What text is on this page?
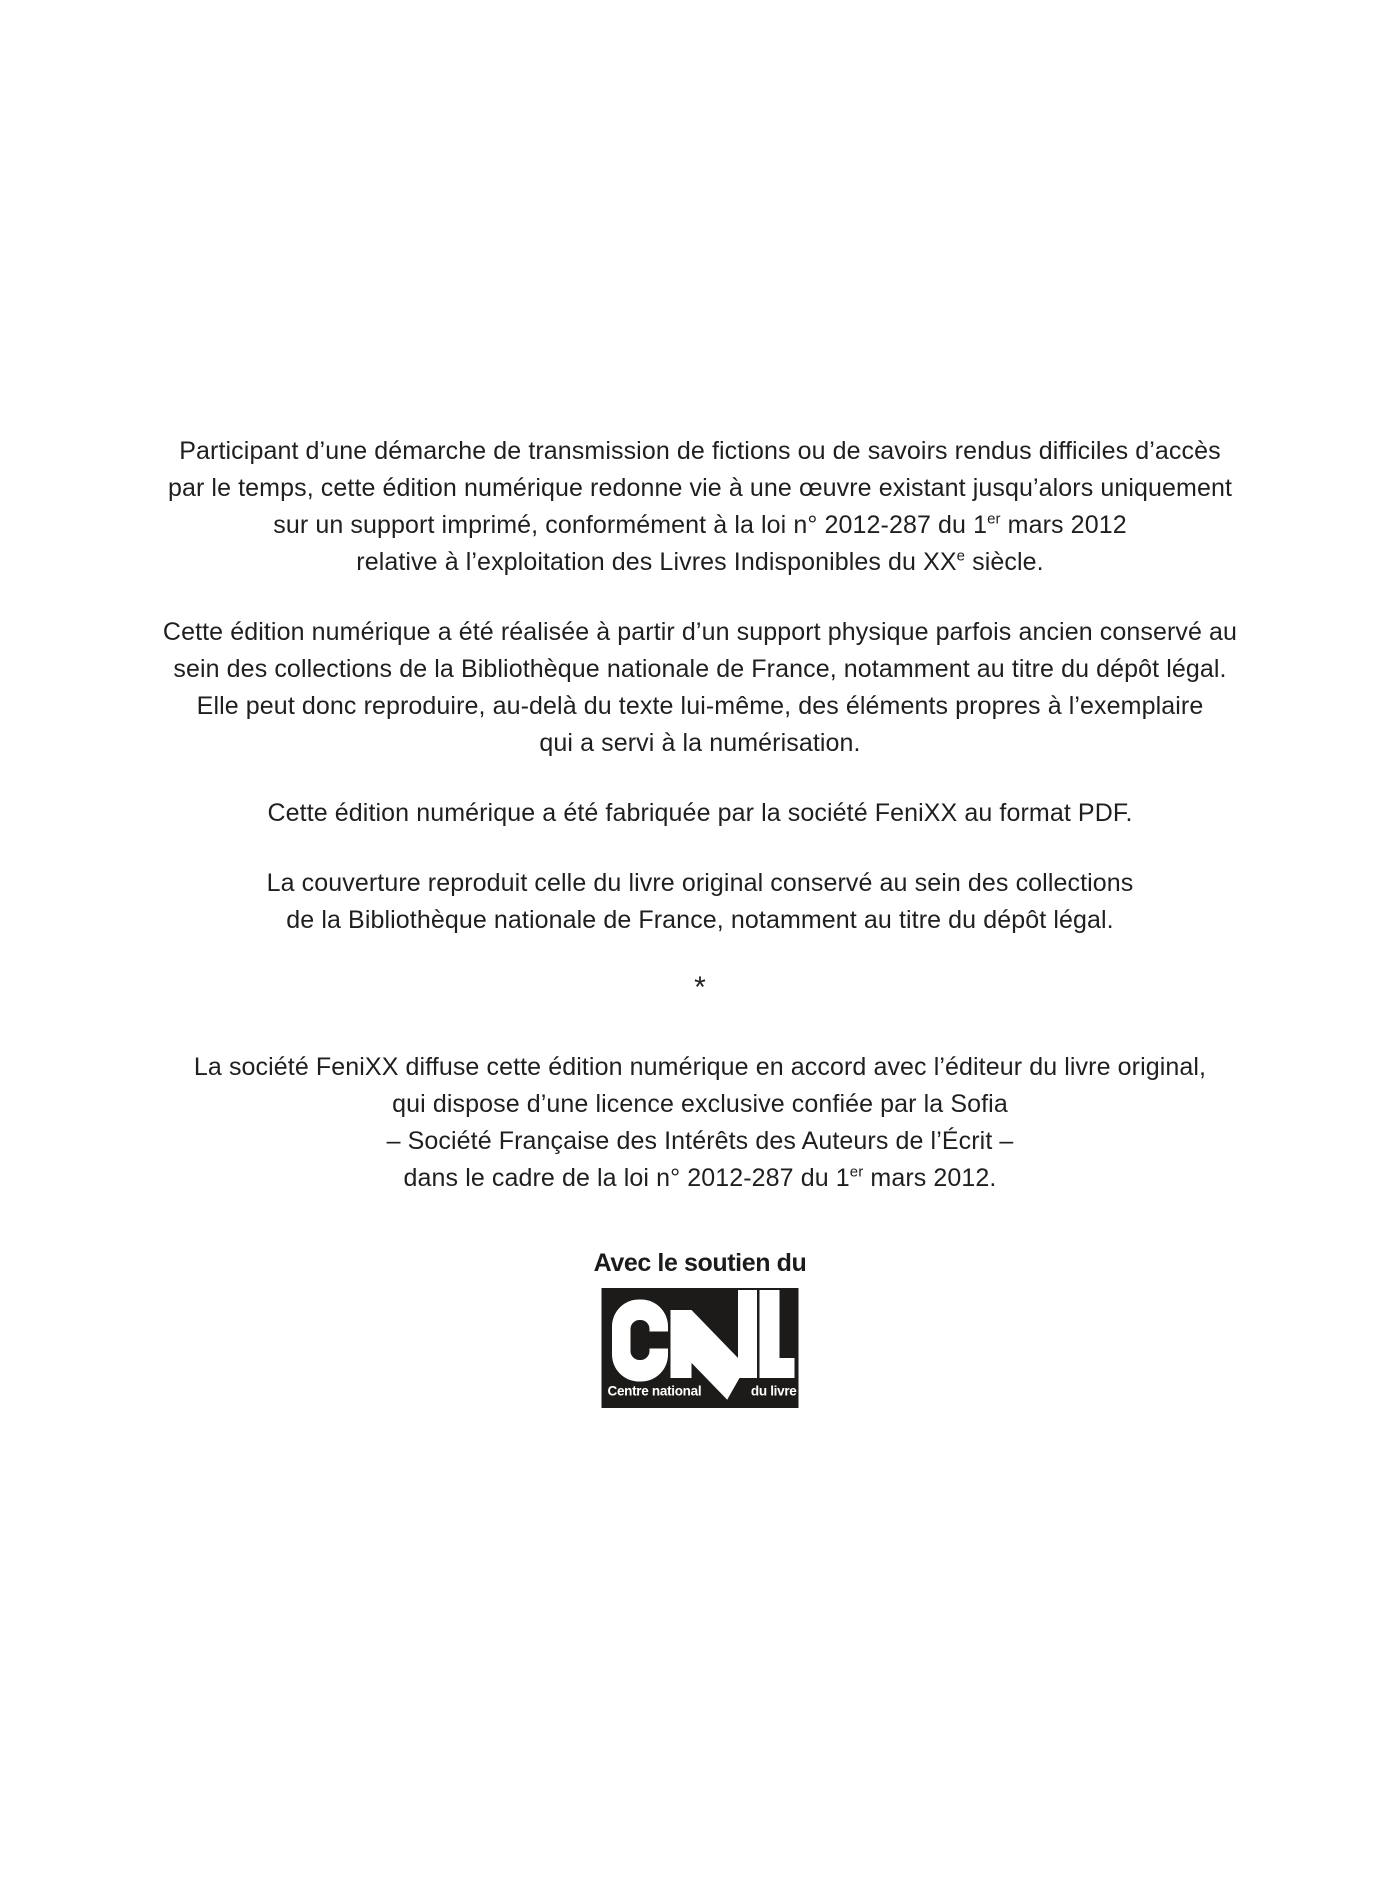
Participant d’une démarche de transmission de fictions ou de savoirs rendus difficiles d’accès
par le temps, cette édition numérique redonne vie à une œuvre existant jusqu’alors uniquement
sur un support imprimé, conformément à la loi n° 2012-287 du 1er mars 2012
relative à l’exploitation des Livres Indisponibles du XXe siècle.
Cette édition numérique a été réalisée à partir d’un support physique parfois ancien conservé au
sein des collections de la Bibliothèque nationale de France, notamment au titre du dépôt légal.
Elle peut donc reproduire, au-delà du texte lui-même, des éléments propres à l’exemplaire
qui a servi à la numérisation.
Cette édition numérique a été fabriquée par la société FeniXX au format PDF.
La couverture reproduit celle du livre original conservé au sein des collections
de la Bibliothèque nationale de France, notamment au titre du dépôt légal.
*
La société FeniXX diffuse cette édition numérique en accord avec l’éditeur du livre original,
qui dispose d’une licence exclusive confiée par la Sofia
– Société Française des Intérêts des Auteurs de l’Écrit –
dans le cadre de la loi n° 2012-287 du 1er mars 2012.
Avec le soutien du
Centre national	du livre
